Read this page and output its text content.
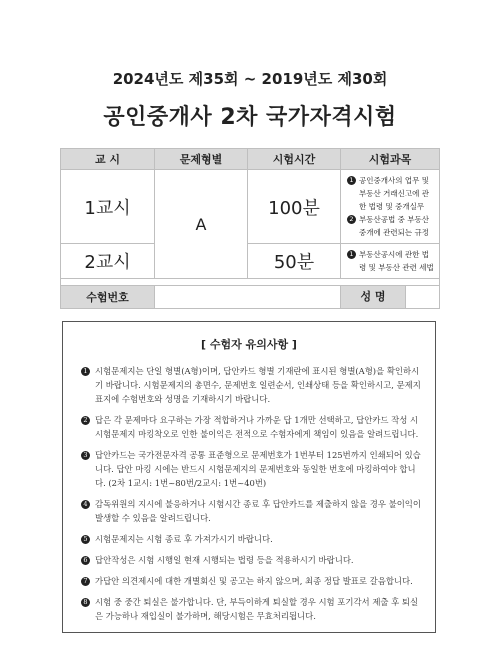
2024년도 제35회 ~ 2019년도 제30회
공인중개사 2차 국가자격시험
교 시	문제형별	시험시간	시험과목
1교시	A	100분	1 공인중개사의 업무 및 부동산 거래신고에 관한 법령 및 중개실무
2 부동산공법 중 부동산 중개에 관련되는 규정

2교시		50분	1 부동산공시에 관한 법령 및 부동산 관련 세법

수험번호			성 명
[ 수험자 유의사항 ]
1 시험문제지는 단일 형별(A형)이며, 답안카드 형별 기재란에 표시된 형별(A형)을 확인하시기 바랍니다. 시험문제지의 총면수, 문제번호 일련순서, 인쇄상태 등을 확인하시고, 문제지 표지에 수험번호와 성명을 기재하시기 바랍니다.
2 답은 각 문제마다 요구하는 가장 적합하거나 가까운 답 1개만 선택하고, 답안카드 작성 시 시험문제지 마킹착오로 인한 불이익은 전적으로 수험자에게 책임이 있음을 알려드립니다.
3 답안카드는 국가전문자격 공통 표준형으로 문제번호가 1번부터 125번까지 인쇄되어 있습니다. 답안 마킹 시에는 반드시 시험문제지의 문제번호와 동일한 번호에 마킹하여야 합니다. (2차 1교시: 1번~80번/2교시: 1번~40번)
4 감독위원의 지시에 불응하거나 시험시간 종료 후 답안카드를 제출하지 않을 경우 불이익이 발생할 수 있음을 알려드립니다.
5 시험문제지는 시험 종료 후 가져가시기 바랍니다.
6 답안작성은 시험 시행일 현재 시행되는 법령 등을 적용하시기 바랍니다.
7 가답안 의견제시에 대한 개별회신 및 공고는 하지 않으며, 최종 정답 발표로 갈음합니다.
8 시험 중 중간 퇴실은 불가합니다. 단, 부득이하게 퇴실할 경우 시험 포기각서 제출 후 퇴실은 가능하나 재입실이 불가하며, 해당시험은 무효처리됩니다.
